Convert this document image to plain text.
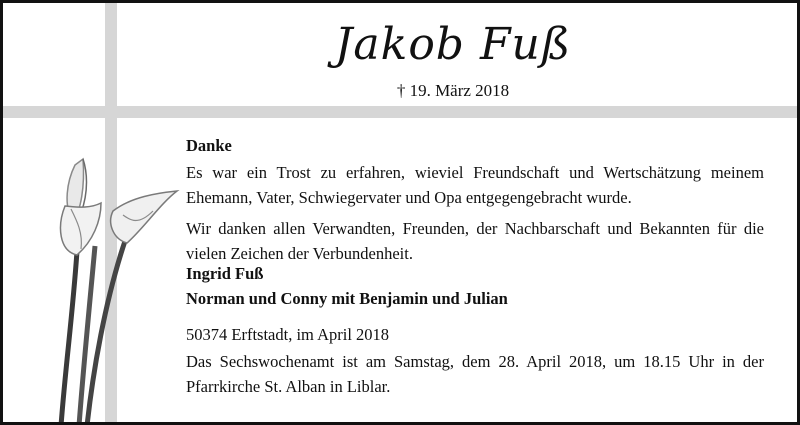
Jakob Fuß
† 19. März 2018
Danke
Es war ein Trost zu erfahren, wieviel Freundschaft und Wertschätzung meinem Ehemann, Vater, Schwiegervater und Opa entgegengebracht wurde.
Wir danken allen Verwandten, Freunden, der Nachbarschaft und Bekannten für die vielen Zeichen der Verbundenheit.
Ingrid Fuß
Norman und Conny mit Benjamin und Julian
50374 Erftstadt, im April 2018
Das Sechswochenamt ist am Samstag, dem 28. April 2018, um 18.15 Uhr in der Pfarrkirche St. Alban in Liblar.
